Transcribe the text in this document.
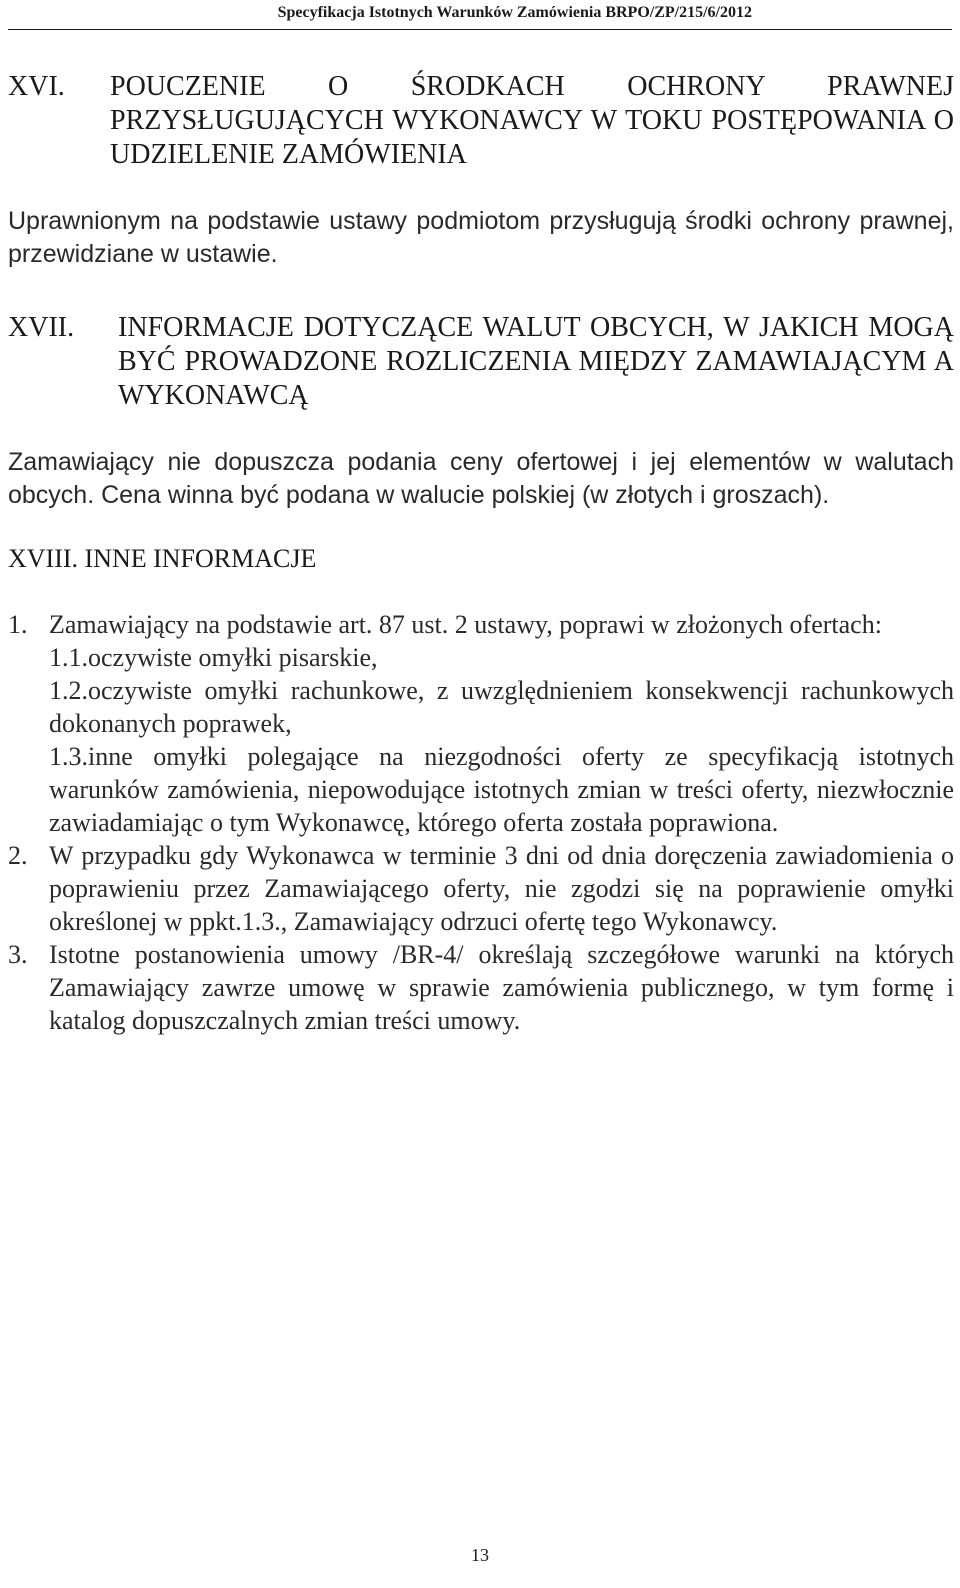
Specyfikacja Istotnych Warunków Zamówienia BRPO/ZP/215/6/2012
XVI.	POUCZENIE O ŚRODKACH OCHRONY PRAWNEJ PRZYSŁUGUJĄCYCH WYKONAWCY W TOKU POSTĘPOWANIA O UDZIELENIE ZAMÓWIENIA
Uprawnionym na podstawie ustawy podmiotom przysługują środki ochrony prawnej, przewidziane w ustawie.
XVII.	INFORMACJE DOTYCZĄCE WALUT OBCYCH, W JAKICH MOGĄ BYĆ PROWADZONE ROZLICZENIA MIĘDZY ZAMAWIAJĄCYM A WYKONAWCĄ
Zamawiający nie dopuszcza podania ceny ofertowej i jej elementów w walutach obcych. Cena winna być podana w walucie polskiej (w złotych i groszach).
XVIII. INNE INFORMACJE
1. Zamawiający na podstawie art. 87 ust. 2 ustawy, poprawi w złożonych ofertach:

1.1.oczywiste omyłki pisarskie,

1.2.oczywiste omyłki rachunkowe, z uwzględnieniem konsekwencji rachunkowych dokonanych poprawek,

1.3.inne omyłki polegające na niezgodności oferty ze specyfikacją istotnych warunków zamówienia, niepowodujące istotnych zmian w treści oferty, niezwłocznie zawiadamiając o tym Wykonawcę, którego oferta została poprawiona.

2. W przypadku gdy Wykonawca w terminie 3 dni od dnia doręczenia zawiadomienia o poprawieniu przez Zamawiającego oferty, nie zgodzi się na poprawienie omyłki określonej w ppkt.1.3., Zamawiający odrzuci ofertę tego Wykonawcy.

3. Istotne postanowienia umowy /BR-4/ określają szczegółowe warunki na których Zamawiający zawrze umowę w sprawie zamówienia publicznego, w tym formę i katalog dopuszczalnych zmian treści umowy.

13
